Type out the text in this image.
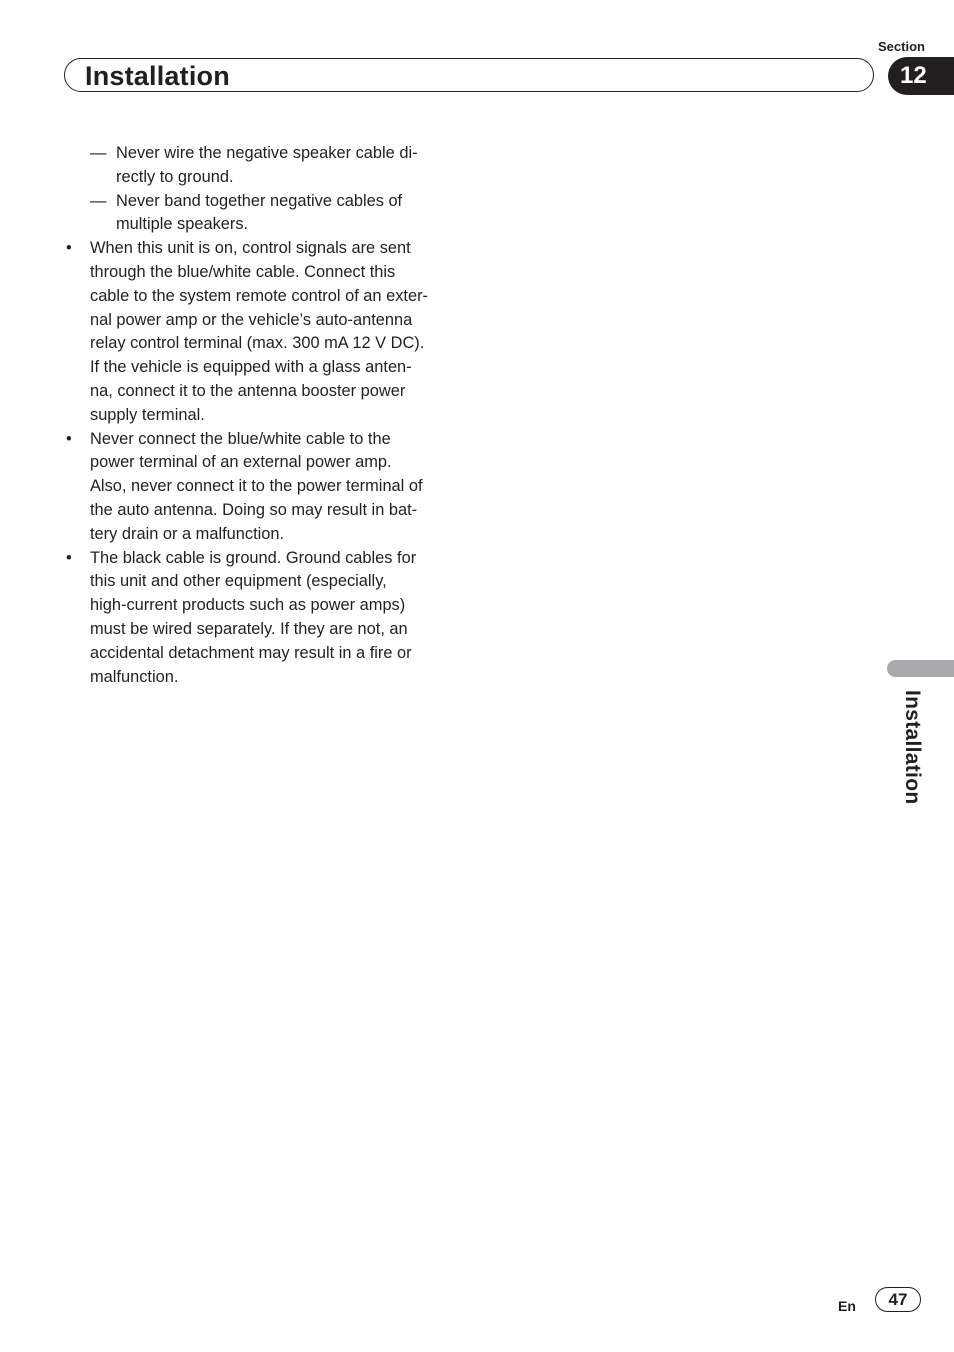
Installation
Section
12
Installation
— Never wire the negative speaker cable di-
rectly to ground.
— Never band together negative cables of
multiple speakers.
• When this unit is on, control signals are sent
through the blue/white cable. Connect this
cable to the system remote control of an exter-
nal power amp or the vehicle’s auto-antenna
relay control terminal (max. 300 mA 12 V DC).
If the vehicle is equipped with a glass anten-
na, connect it to the antenna booster power
supply terminal.
• Never connect the blue/white cable to the
power terminal of an external power amp.
Also, never connect it to the power terminal of
the auto antenna. Doing so may result in bat-
tery drain or a malfunction.
• The black cable is ground. Ground cables for
this unit and other equipment (especially,
high-current products such as power amps)
must be wired separately. If they are not, an
accidental detachment may result in a fire or
malfunction.
En	47
